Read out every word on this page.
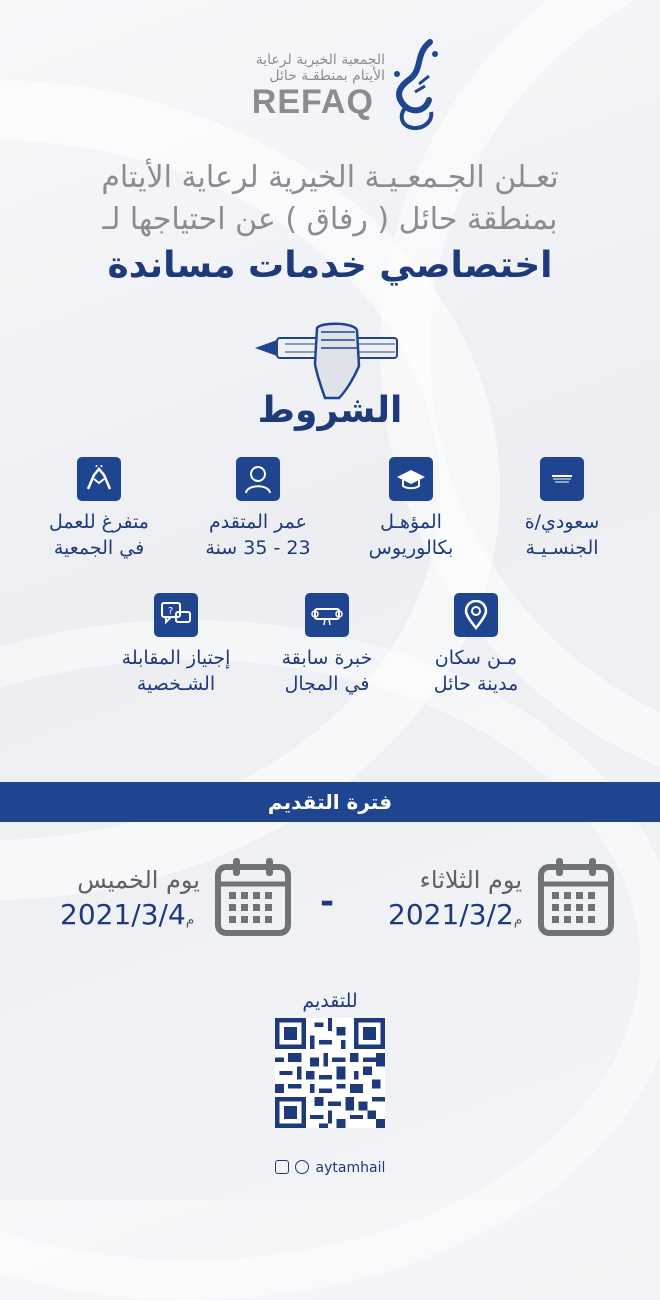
الجمعية الخيرية لرعاية
الأيتام بمنطقـة حائل
REFAQ
تعـلن الجـمعـيـة الخيرية لرعاية الأيتام
بمنطقة حائل ( رفاق ) عن احتياجها لـ
اختصاصي خدمات مساندة
الشروط
سعودي/ة
الجنسـيـة
المؤهـل
بكالوريوس
عمر المتقدم
23 - 35 سنة
متفرغ للعمل
في الجمعية
مـن سكان
مدينة حائل
خبرة سابقة
في المجال
?
إجتياز المقابلة
الشـخصية
فترة التقديم
يوم الثلاثاء
م2021/3/2
-
يوم الخميس
م2021/3/4
للتقديم
aytamhail
